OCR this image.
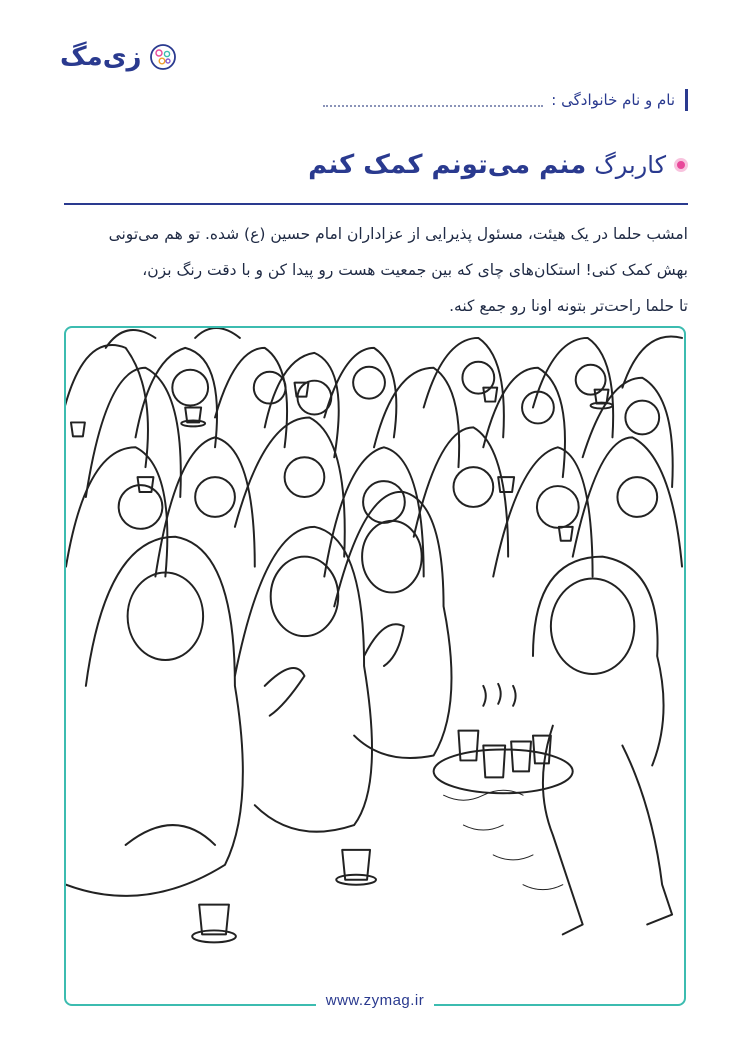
زی‌مگ
نام و نام خانوادگی :
کاربرگ
منم می‌تونم کمک کنم
امشب حلما در یک هیئت، مسئول پذیرایی از عزاداران امام حسین (ع) شده. تو هم می‌تونی
بهش کمک کنی! استکان‌های چای که بین جمعیت هست رو پیدا کن و با دقت رنگ بزن،
تا حلما راحت‌تر بتونه اونا رو جمع کنه.
www.zymag.ir
